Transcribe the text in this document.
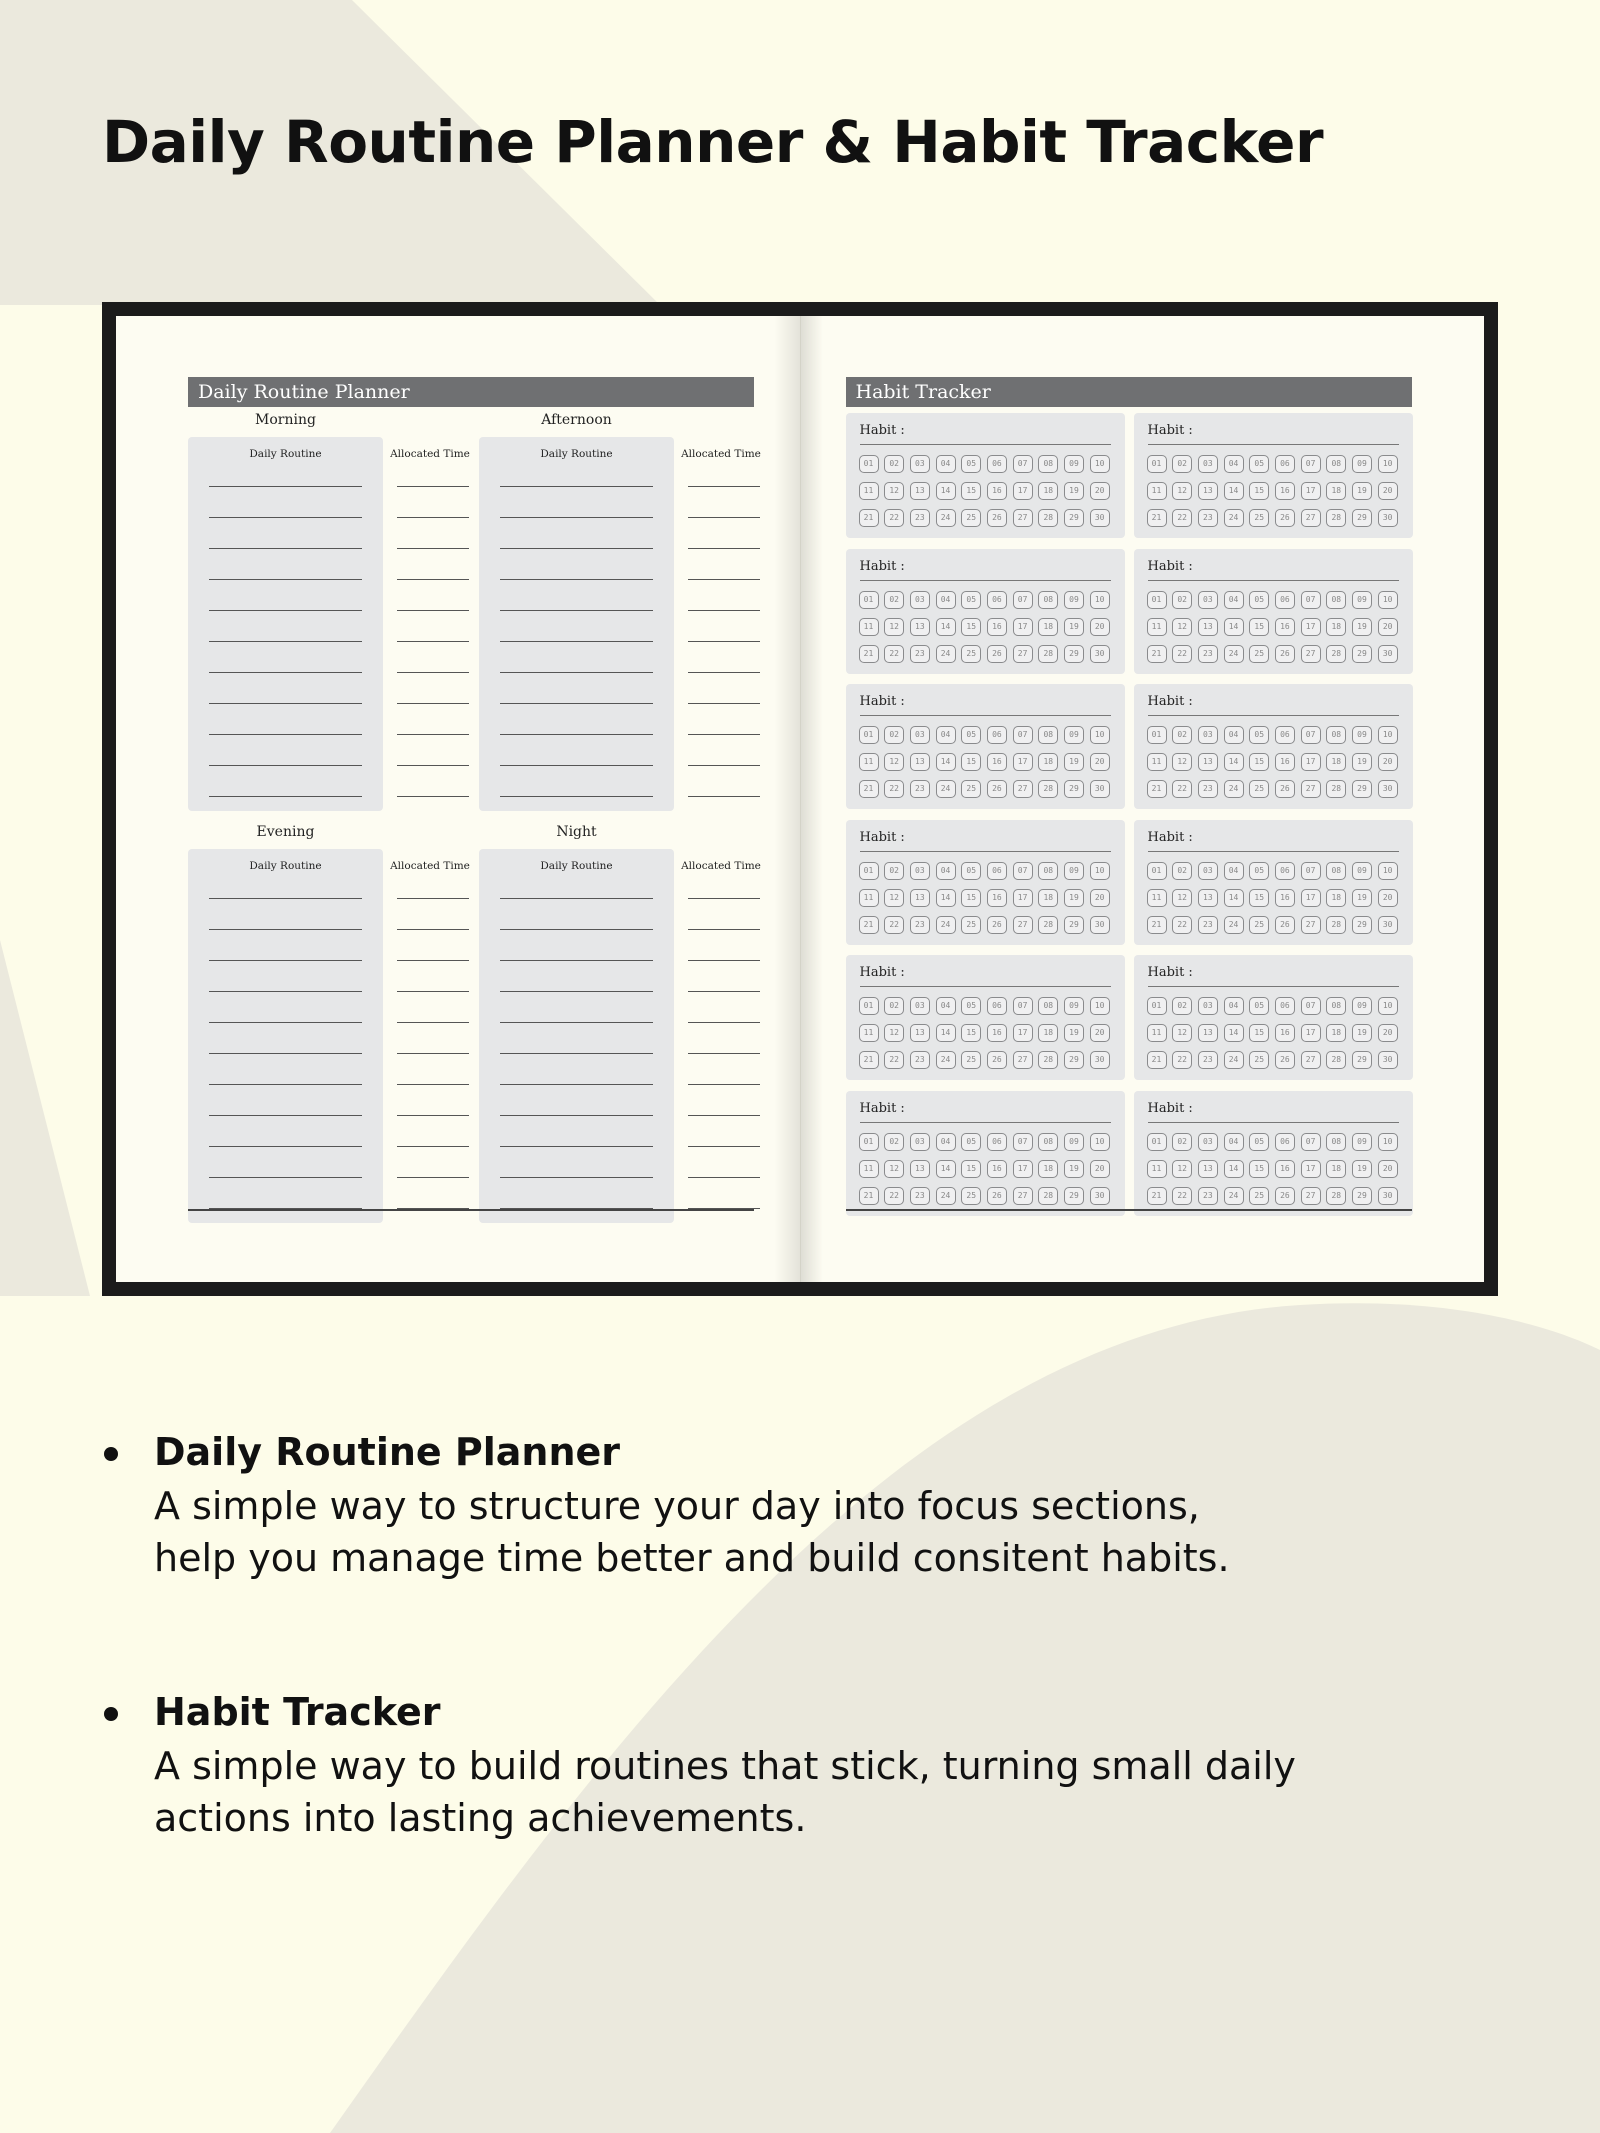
Daily Routine Planner & Habit Tracker
Daily Routine Planner
Morning
Daily Routine	Allocated Time
Afternoon
Daily Routine	Allocated Time
Evening
Daily Routine	Allocated Time
Night
Daily Routine	Allocated Time
Habit Tracker
Habit :
01	02	03	04	05	06	07	08	09	10
11	12	13	14	15	16	17	18	19	20
21	22	23	24	25	26	27	28	29	30
Habit :
01	02	03	04	05	06	07	08	09	10
11	12	13	14	15	16	17	18	19	20
21	22	23	24	25	26	27	28	29	30
Habit :
01	02	03	04	05	06	07	08	09	10
11	12	13	14	15	16	17	18	19	20
21	22	23	24	25	26	27	28	29	30
Habit :
01	02	03	04	05	06	07	08	09	10
11	12	13	14	15	16	17	18	19	20
21	22	23	24	25	26	27	28	29	30
Habit :
01	02	03	04	05	06	07	08	09	10
11	12	13	14	15	16	17	18	19	20
21	22	23	24	25	26	27	28	29	30
Habit :
01	02	03	04	05	06	07	08	09	10
11	12	13	14	15	16	17	18	19	20
21	22	23	24	25	26	27	28	29	30
Habit :
01	02	03	04	05	06	07	08	09	10
11	12	13	14	15	16	17	18	19	20
21	22	23	24	25	26	27	28	29	30
Habit :
01	02	03	04	05	06	07	08	09	10
11	12	13	14	15	16	17	18	19	20
21	22	23	24	25	26	27	28	29	30
Habit :
01	02	03	04	05	06	07	08	09	10
11	12	13	14	15	16	17	18	19	20
21	22	23	24	25	26	27	28	29	30
Habit :
01	02	03	04	05	06	07	08	09	10
11	12	13	14	15	16	17	18	19	20
21	22	23	24	25	26	27	28	29	30
Habit :
01	02	03	04	05	06	07	08	09	10
11	12	13	14	15	16	17	18	19	20
21	22	23	24	25	26	27	28	29	30
Habit :
01	02	03	04	05	06	07	08	09	10
11	12	13	14	15	16	17	18	19	20
21	22	23	24	25	26	27	28	29	30
Daily Routine Planner
A simple way to structure your day into focus sections,
help you manage time better and build consitent habits.
Habit Tracker
A simple way to build routines that stick, turning small daily
actions into lasting achievements.
